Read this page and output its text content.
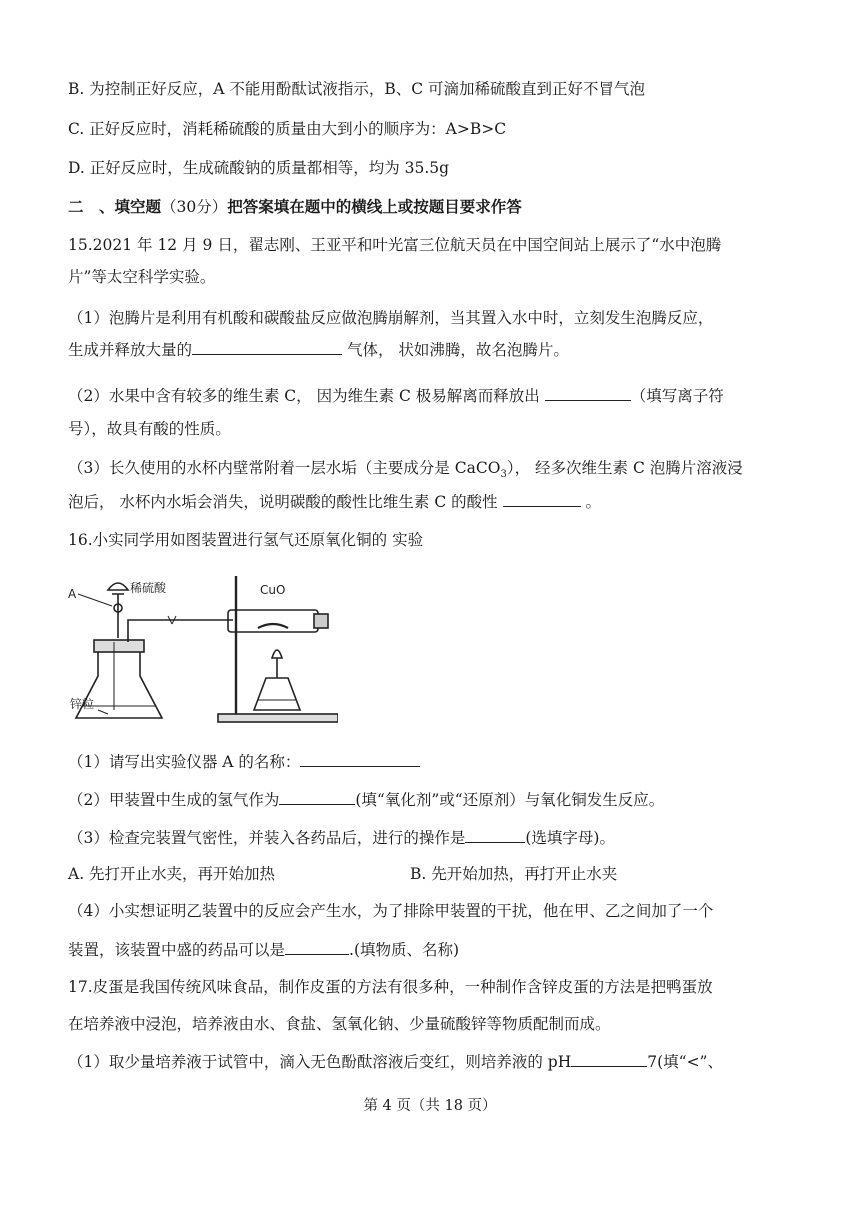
B. 为控制正好反应，A 不能用酚酞试液指示，B、C 可滴加稀硫酸直到正好不冒气泡
C. 正好反应时，消耗稀硫酸的质量由大到小的顺序为：A>B>C
D. 正好反应时，生成硫酸钠的质量都相等，均为 35.5g
二　、填空题（30分）把答案填在题中的横线上或按题目要求作答
15.2021 年 12 月 9 日，翟志刚、王亚平和叶光富三位航天员在中国空间站上展示了“水中泡腾
片”等太空科学实验。
（1）泡腾片是利用有机酸和碳酸盐反应做泡腾崩解剂，当其置入水中时，立刻发生泡腾反应，
生成并释放大量的	气体， 状如沸腾，故名泡腾片。
（2）水果中含有较多的维生素 C， 因为维生素 C 极易解离而释放出	（填写离子符
号），故具有酸的性质。
（3）长久使用的水杯内壁常附着一层水垢（主要成分是 CaCO$_3$）， 经多次维生素 C 泡腾片溶液浸
泡后， 水杯内水垢会消失，说明碳酸的酸性比维生素 C 的酸性	。
16.小实同学用如图装置进行氢气还原氧化铜的 实验
A	稀硫酸	CuO
锌粒
（1）请写出实验仪器 A 的名称：
（2）甲装置中生成的氢气作为	(填“氧化剂”或“还原剂）与氧化铜发生反应。
（3）检查完装置气密性，并装入各药品后，进行的操作是	(选填字母)。
A. 先打开止水夹，再开始加热	B. 先开始加热，再打开止水夹
（4）小实想证明乙装置中的反应会产生水，为了排除甲装置的干扰，他在甲、乙之间加了一个
装置，该装置中盛的药品可以是	.(填物质、名称)
17.皮蛋是我国传统风味食品，制作皮蛋的方法有很多种，一种制作含锌皮蛋的方法是把鸭蛋放
在培养液中浸泡，培养液由水、食盐、氢氧化钠、少量硫酸锌等物质配制而成。
（1）取少量培养液于试管中，滴入无色酚酞溶液后变红，则培养液的 pH	7(填“<”、
第 4 页（共 18 页）
